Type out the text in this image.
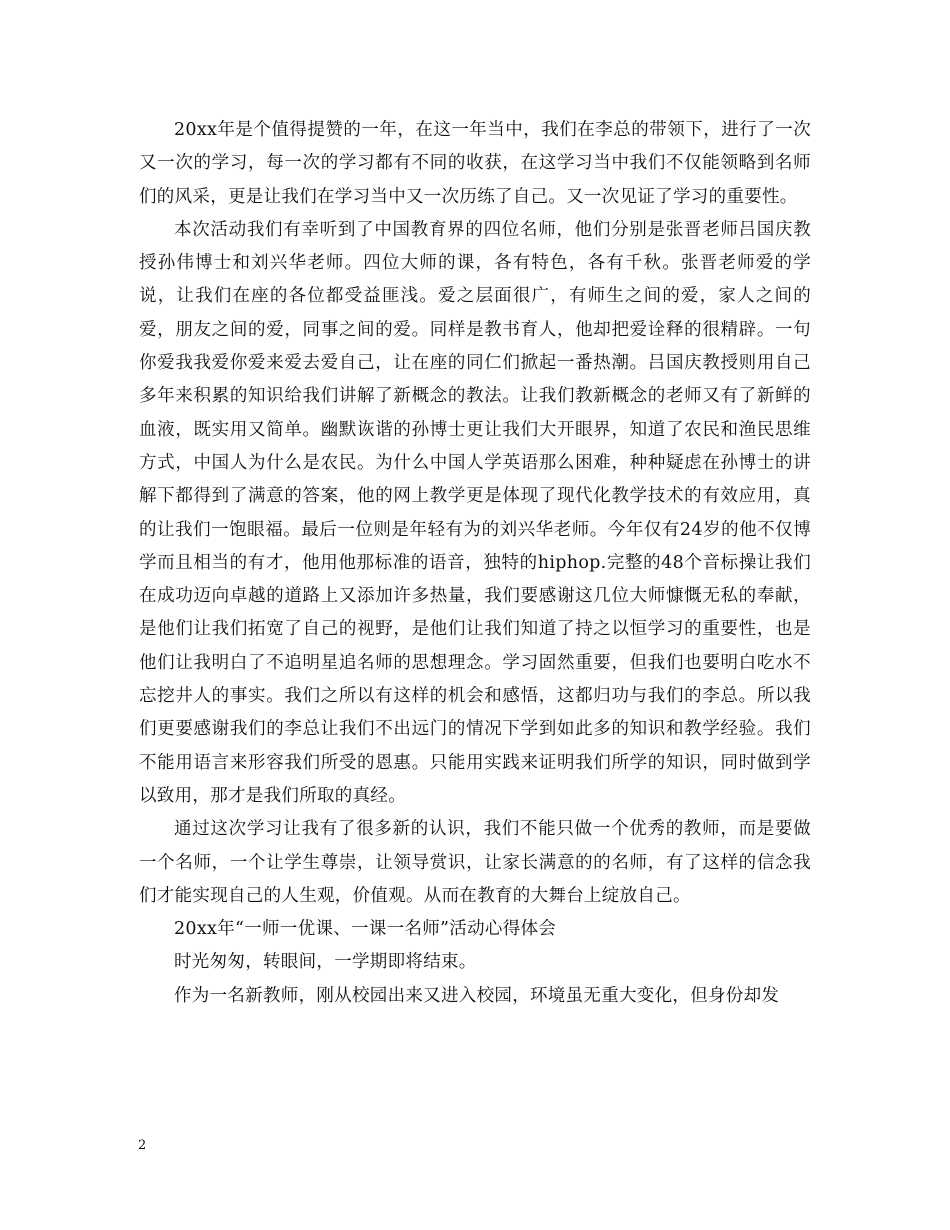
20xx年是个值得提赞的一年，在这一年当中，我们在李总的带领下，进行了一次又一次的学习，每一次的学习都有不同的收获，在这学习当中我们不仅能领略到名师们的风采，更是让我们在学习当中又一次历练了自己。又一次见证了学习的重要性。

本次活动我们有幸听到了中国教育界的四位名师，他们分别是张晋老师吕国庆教授孙伟博士和刘兴华老师。四位大师的课，各有特色，各有千秋。张晋老师爱的学说，让我们在座的各位都受益匪浅。爱之层面很广，有师生之间的爱，家人之间的爱，朋友之间的爱，同事之间的爱。同样是教书育人，他却把爱诠释的很精辟。一句你爱我我爱你爱来爱去爱自己，让在座的同仁们掀起一番热潮。吕国庆教授则用自己多年来积累的知识给我们讲解了新概念的教法。让我们教新概念的老师又有了新鲜的血液，既实用又简单。幽默诙谐的孙博士更让我们大开眼界，知道了农民和渔民思维方式，中国人为什么是农民。为什么中国人学英语那么困难，种种疑虑在孙博士的讲解下都得到了满意的答案，他的网上教学更是体现了现代化教学技术的有效应用，真的让我们一饱眼福。最后一位则是年轻有为的刘兴华老师。今年仅有24岁的他不仅博学而且相当的有才，他用他那标准的语音，独特的hiphop.完整的48个音标操让我们在成功迈向卓越的道路上又添加许多热量，我们要感谢这几位大师慷慨无私的奉献，是他们让我们拓宽了自己的视野，是他们让我们知道了持之以恒学习的重要性，也是他们让我明白了不追明星追名师的思想理念。学习固然重要，但我们也要明白吃水不忘挖井人的事实。我们之所以有这样的机会和感悟，这都归功与我们的李总。所以我们更要感谢我们的李总让我们不出远门的情况下学到如此多的知识和教学经验。我们不能用语言来形容我们所受的恩惠。只能用实践来证明我们所学的知识，同时做到学以致用，那才是我们所取的真经。

通过这次学习让我有了很多新的认识，我们不能只做一个优秀的教师，而是要做一个名师，一个让学生尊崇，让领导赏识，让家长满意的的名师，有了这样的信念我们才能实现自己的人生观，价值观。从而在教育的大舞台上绽放自己。

20xx年“一师一优课、一课一名师”活动心得体会

时光匆匆，转眼间，一学期即将结束。

作为一名新教师，刚从校园出来又进入校园，环境虽无重大变化，但身份却发

2
